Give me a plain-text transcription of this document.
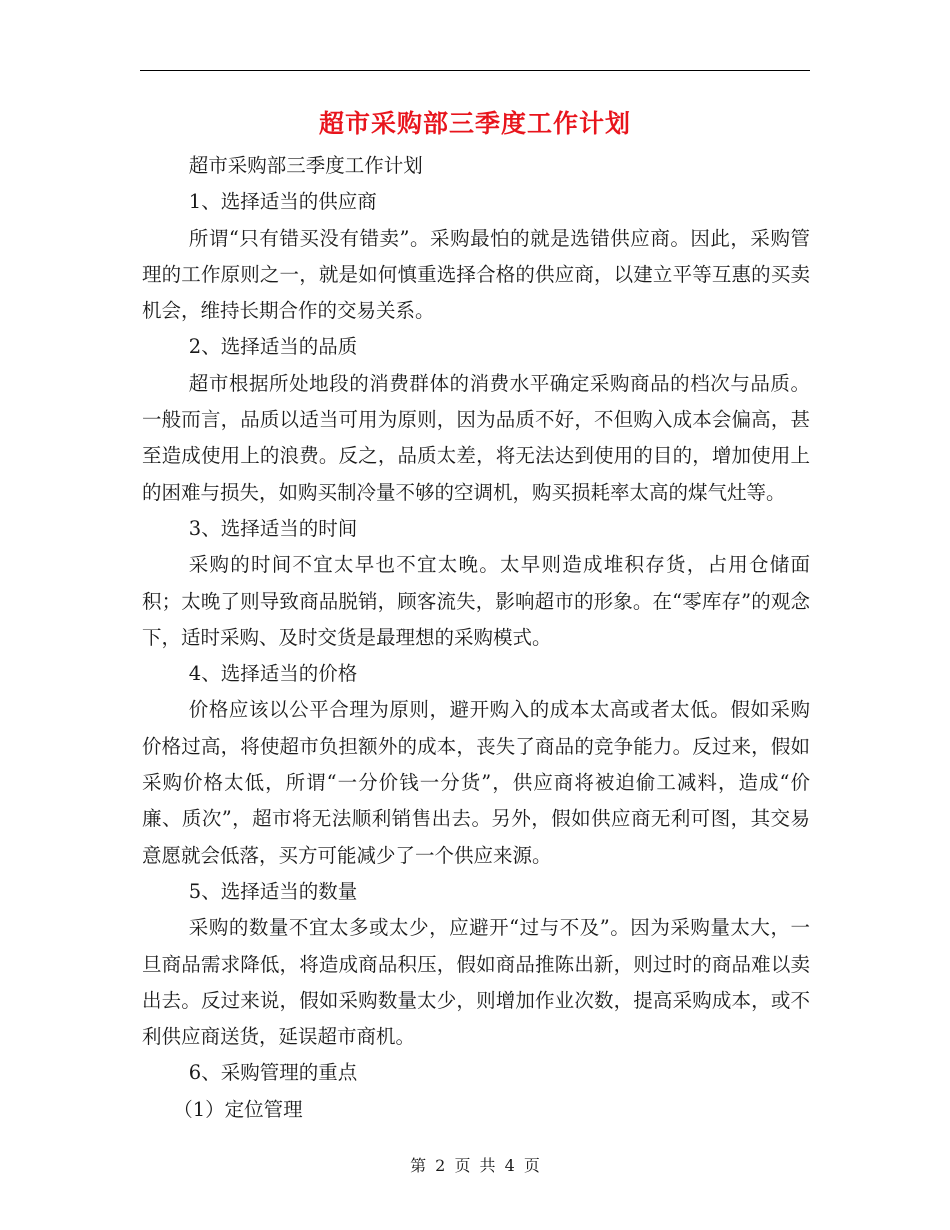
超市采购部三季度工作计划

超市采购部三季度工作计划

1、选择适当的供应商

所谓“只有错买没有错卖”。采购最怕的就是选错供应商。因此，采购管理的工作原则之一，就是如何慎重选择合格的供应商，以建立平等互惠的买卖机会，维持长期合作的交易关系。

2、选择适当的品质

超市根据所处地段的消费群体的消费水平确定采购商品的档次与品质。一般而言，品质以适当可用为原则，因为品质不好，不但购入成本会偏高，甚至造成使用上的浪费。反之，品质太差，将无法达到使用的目的，增加使用上的困难与损失，如购买制冷量不够的空调机，购买损耗率太高的煤气灶等。

3、选择适当的时间

采购的时间不宜太早也不宜太晚。太早则造成堆积存货，占用仓储面积；太晚了则导致商品脱销，顾客流失，影响超市的形象。在“零库存”的观念下，适时采购、及时交货是最理想的采购模式。

4、选择适当的价格

价格应该以公平合理为原则，避开购入的成本太高或者太低。假如采购价格过高，将使超市负担额外的成本，丧失了商品的竞争能力。反过来，假如采购价格太低，所谓“一分价钱一分货”，供应商将被迫偷工减料，造成“价廉、质次”，超市将无法顺利销售出去。另外，假如供应商无利可图，其交易意愿就会低落，买方可能减少了一个供应来源。

5、选择适当的数量

采购的数量不宜太多或太少，应避开“过与不及”。因为采购量太大，一旦商品需求降低，将造成商品积压，假如商品推陈出新，则过时的商品难以卖出去。反过来说，假如采购数量太少，则增加作业次数，提高采购成本，或不利供应商送货，延误超市商机。

6、采购管理的重点

（1）定位管理

第 2 页 共 4 页
